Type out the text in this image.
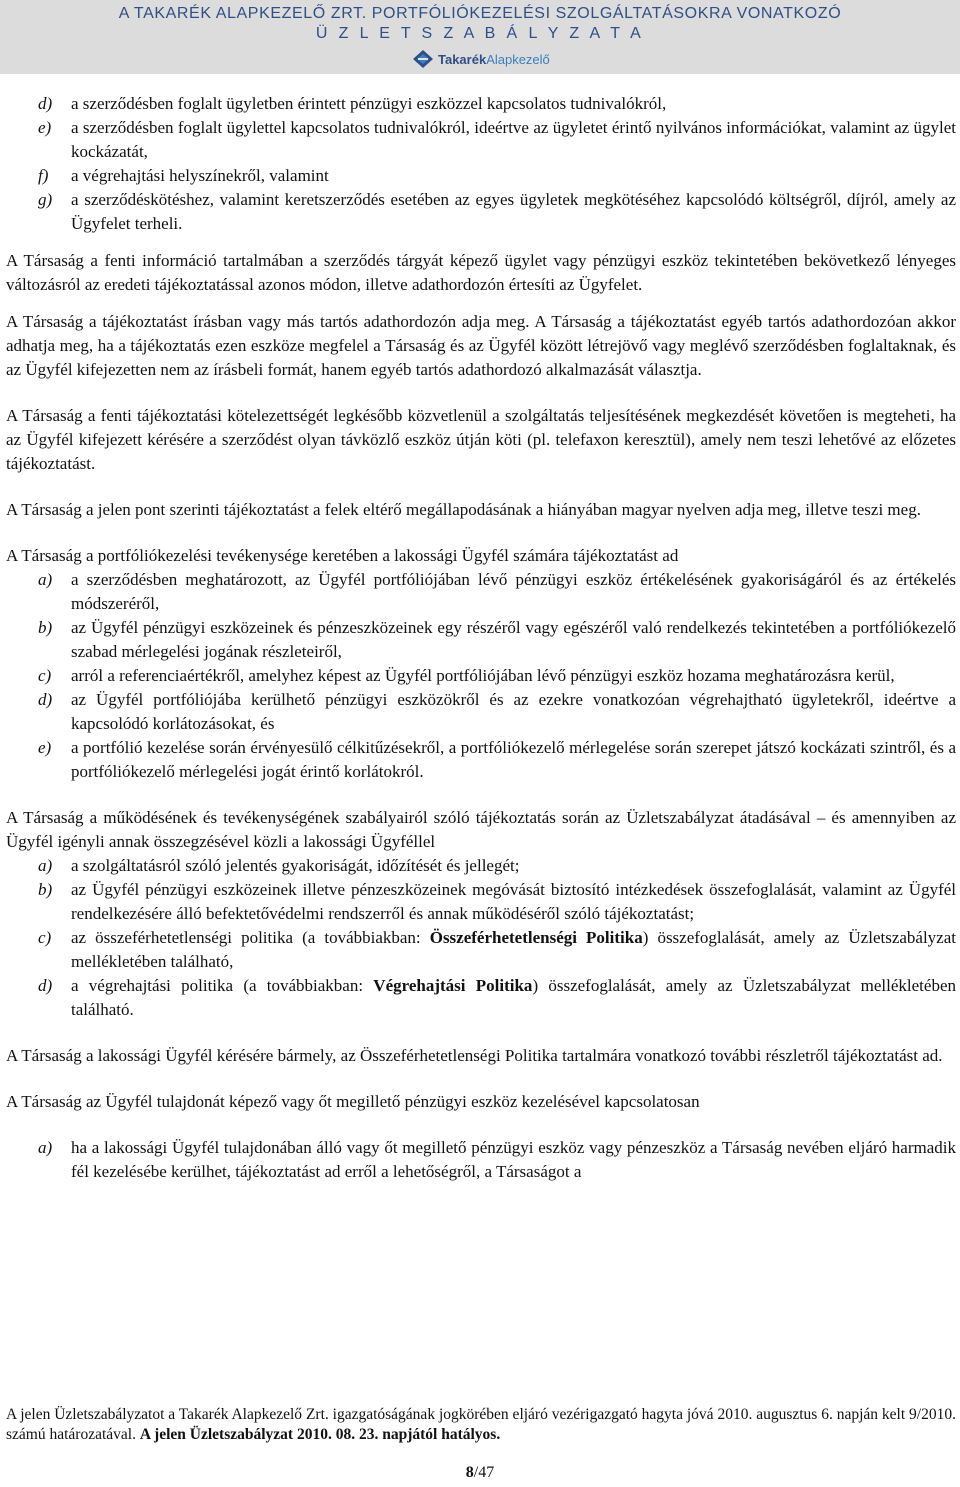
A TAKARÉK ALAPKEZELŐ ZRT. PORTFÓLIÓKEZELÉSI SZOLGÁLTATÁSOKRA VONATKOZÓ
Ü Z L E T S Z A B Á L Y Z A T A
TakarékAlapkezelő
d) a szerződésben foglalt ügyletben érintett pénzügyi eszközzel kapcsolatos tudnivalókról,
e) a szerződésben foglalt ügylettel kapcsolatos tudnivalókról, ideértve az ügyletet érintő nyilvános információkat, valamint az ügylet kockázatát,
f) a végrehajtási helyszínekről, valamint
g) a szerződéskötéshez, valamint keretszerződés esetében az egyes ügyletek megkötéséhez kapcsolódó költségről, díjról, amely az Ügyfelet terheli.
A Társaság a fenti információ tartalmában a szerződés tárgyát képező ügylet vagy pénzügyi eszköz tekintetében bekövetkező lényeges változásról az eredeti tájékoztatással azonos módon, illetve adathordozón értesíti az Ügyfelet.
A Társaság a tájékoztatást írásban vagy más tartós adathordozón adja meg. A Társaság a tájékoztatást egyéb tartós adathordozóan akkor adhatja meg, ha a tájékoztatás ezen eszköze megfelel a Társaság és az Ügyfél között létrejövő vagy meglévő szerződésben foglaltaknak, és az Ügyfél kifejezetten nem az írásbeli formát, hanem egyéb tartós adathordozó alkalmazását választja.
A Társaság a fenti tájékoztatási kötelezettségét legkésőbb közvetlenül a szolgáltatás teljesítésének megkezdését követően is megteheti, ha az Ügyfél kifejezett kérésére a szerződést olyan távközlő eszköz útján köti (pl. telefaxon keresztül), amely nem teszi lehetővé az előzetes tájékoztatást.
A Társaság a jelen pont szerinti tájékoztatást a felek eltérő megállapodásának a hiányában magyar nyelven adja meg, illetve teszi meg.
A Társaság a portfóliókezelési tevékenysége keretében a lakossági Ügyfél számára tájékoztatást ad
a) a szerződésben meghatározott, az Ügyfél portfóliójában lévő pénzügyi eszköz értékelésének gyakoriságáról és az értékelés módszeréről,
b) az Ügyfél pénzügyi eszközeinek és pénzeszközeinek egy részéről vagy egészéről való rendelkezés tekintetében a portfóliókezelő szabad mérlegelési jogának részleteiről,
c) arról a referenciaértékről, amelyhez képest az Ügyfél portfóliójában lévő pénzügyi eszköz hozama meghatározásra kerül,
d) az Ügyfél portfóliójába kerülhető pénzügyi eszközökről és az ezekre vonatkozóan végrehajtható ügyletekről, ideértve a kapcsolódó korlátozásokat, és
e) a portfólió kezelése során érvényesülő célkitűzésekről, a portfóliókezelő mérlegelése során szerepet játszó kockázati szintről, és a portfóliókezelő mérlegelési jogát érintő korlátokról.
A Társaság a működésének és tevékenységének szabályairól szóló tájékoztatás során az Üzletszabályzat átadásával – és amennyiben az Ügyfél igényli annak összegzésével közli a lakossági Ügyféllel
a) a szolgáltatásról szóló jelentés gyakoriságát, időzítését és jellegét;
b) az Ügyfél pénzügyi eszközeinek illetve pénzeszközeinek megóvását biztosító intézkedések összefoglalását, valamint az Ügyfél rendelkezésére álló befektetővédelmi rendszerről és annak működéséről szóló tájékoztatást;
c) az összeférhetetlenségi politika (a továbbiakban: Összeférhetetlenségi Politika) összefoglalását, amely az Üzletszabályzat mellékletében található,
d) a végrehajtási politika (a továbbiakban: Végrehajtási Politika) összefoglalását, amely az Üzletszabályzat mellékletében található.
A Társaság a lakossági Ügyfél kérésére bármely, az Összeférhetetlenségi Politika tartalmára vonatkozó további részletről tájékoztatást ad.
A Társaság az Ügyfél tulajdonát képező vagy őt megillető pénzügyi eszköz kezelésével kapcsolatosan
a) ha a lakossági Ügyfél tulajdonában álló vagy őt megillető pénzügyi eszköz vagy pénzeszköz a Társaság nevében eljáró harmadik fél kezelésébe kerülhet, tájékoztatást ad erről a lehetőségről, a Társaságot a
A jelen Üzletszabályzatot a Takarék Alapkezelő Zrt. igazgatóságának jogkörében eljáró vezérigazgató hagyta jóvá 2010. augusztus 6. napján kelt 9/2010. számú határozatával. A jelen Üzletszabályzat 2010. 08. 23. napjától hatályos.
8/47
